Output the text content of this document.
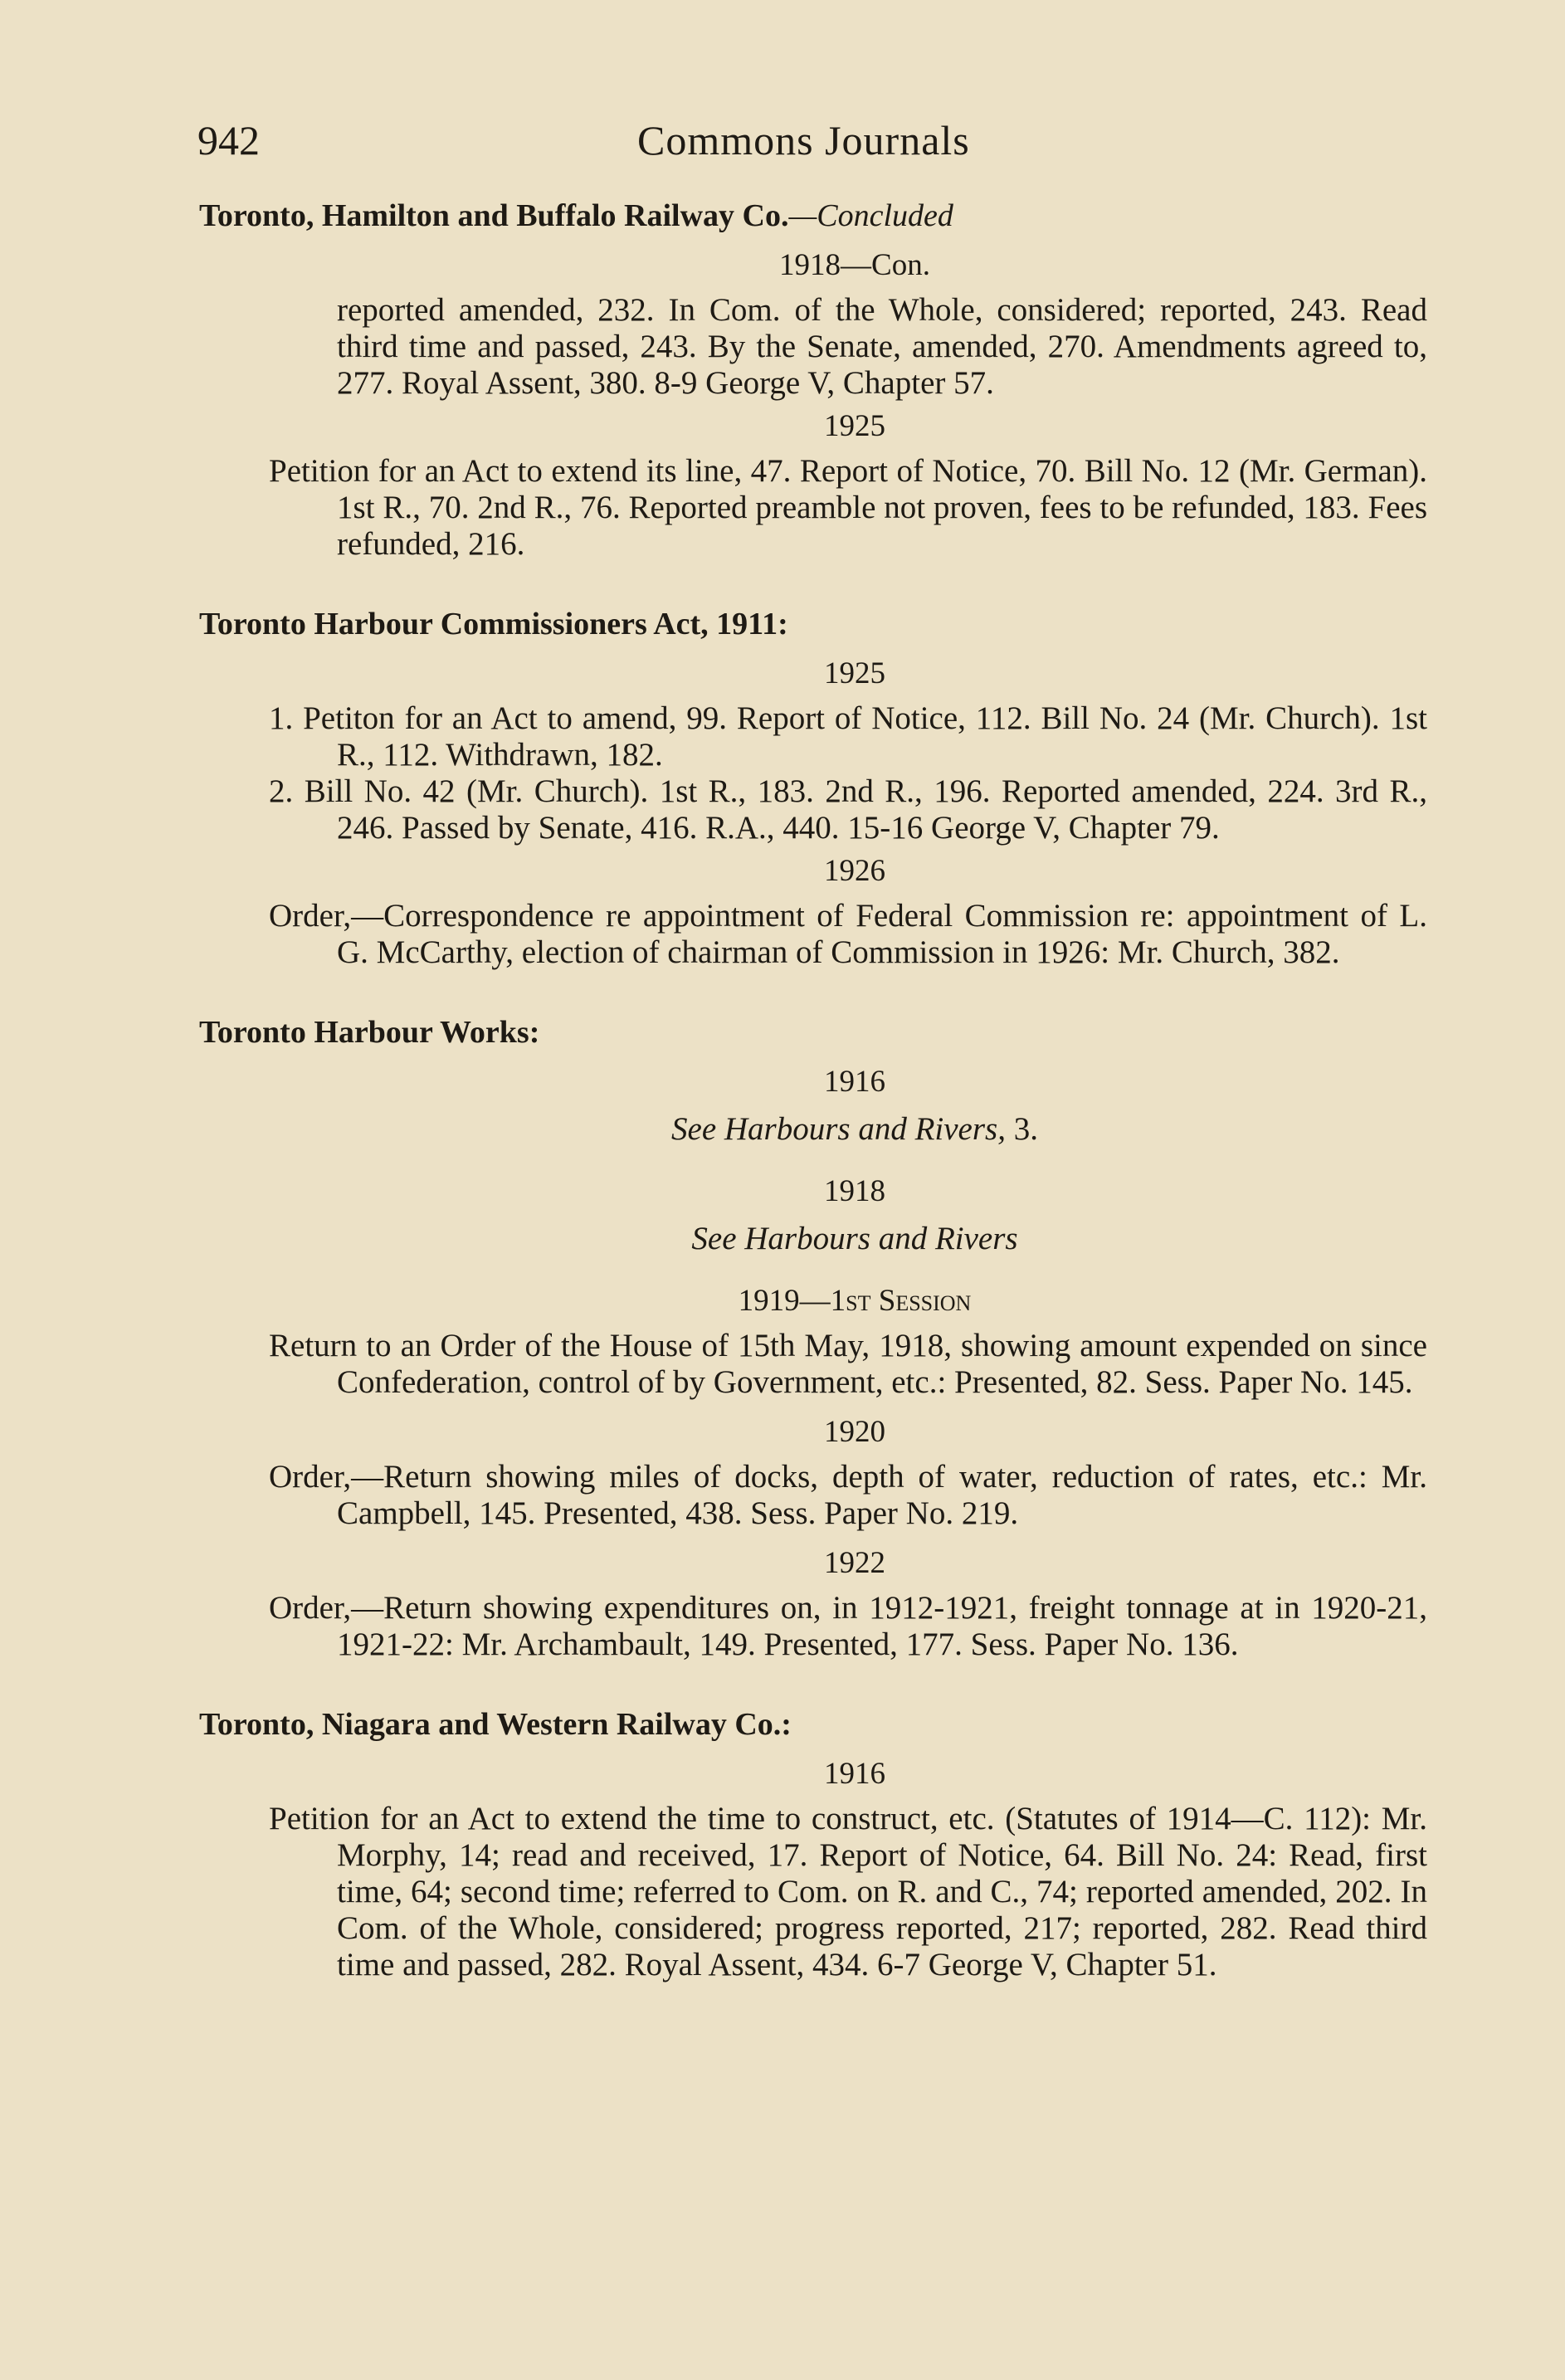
942	Commons Journals

Toronto, Hamilton and Buffalo Railway Co.—Concluded

1918—Con.

reported amended, 232. In Com. of the Whole, considered; reported, 243. Read third time and passed, 243. By the Senate, amended, 270. Amendments agreed to, 277. Royal Assent, 380. 8-9 George V, Chapter 57.

1925

Petition for an Act to extend its line, 47. Report of Notice, 70. Bill No. 12 (Mr. German). 1st R., 70. 2nd R., 76. Reported preamble not proven, fees to be refunded, 183. Fees refunded, 216.

Toronto Harbour Commissioners Act, 1911:

1925

1. Petiton for an Act to amend, 99. Report of Notice, 112. Bill No. 24 (Mr. Church). 1st R., 112. Withdrawn, 182.

2. Bill No. 42 (Mr. Church). 1st R., 183. 2nd R., 196. Reported amended, 224. 3rd R., 246. Passed by Senate, 416. R.A., 440. 15-16 George V, Chapter 79.

1926

Order,—Correspondence re appointment of Federal Commission re: appointment of L. G. McCarthy, election of chairman of Commission in 1926: Mr. Church, 382.

Toronto Harbour Works:

1916

See Harbours and Rivers, 3.

1918

See Harbours and Rivers

1919—1st Session

Return to an Order of the House of 15th May, 1918, showing amount expended on since Confederation, control of by Government, etc.: Presented, 82. Sess. Paper No. 145.

1920

Order,—Return showing miles of docks, depth of water, reduction of rates, etc.: Mr. Campbell, 145. Presented, 438. Sess. Paper No. 219.

1922

Order,—Return showing expenditures on, in 1912-1921, freight tonnage at in 1920-21, 1921-22: Mr. Archambault, 149. Presented, 177. Sess. Paper No. 136.

Toronto, Niagara and Western Railway Co.:

1916

Petition for an Act to extend the time to construct, etc. (Statutes of 1914—C. 112): Mr. Morphy, 14; read and received, 17. Report of Notice, 64. Bill No. 24: Read, first time, 64; second time; referred to Com. on R. and C., 74; reported amended, 202. In Com. of the Whole, considered; progress reported, 217; reported, 282. Read third time and passed, 282. Royal Assent, 434. 6-7 George V, Chapter 51.
